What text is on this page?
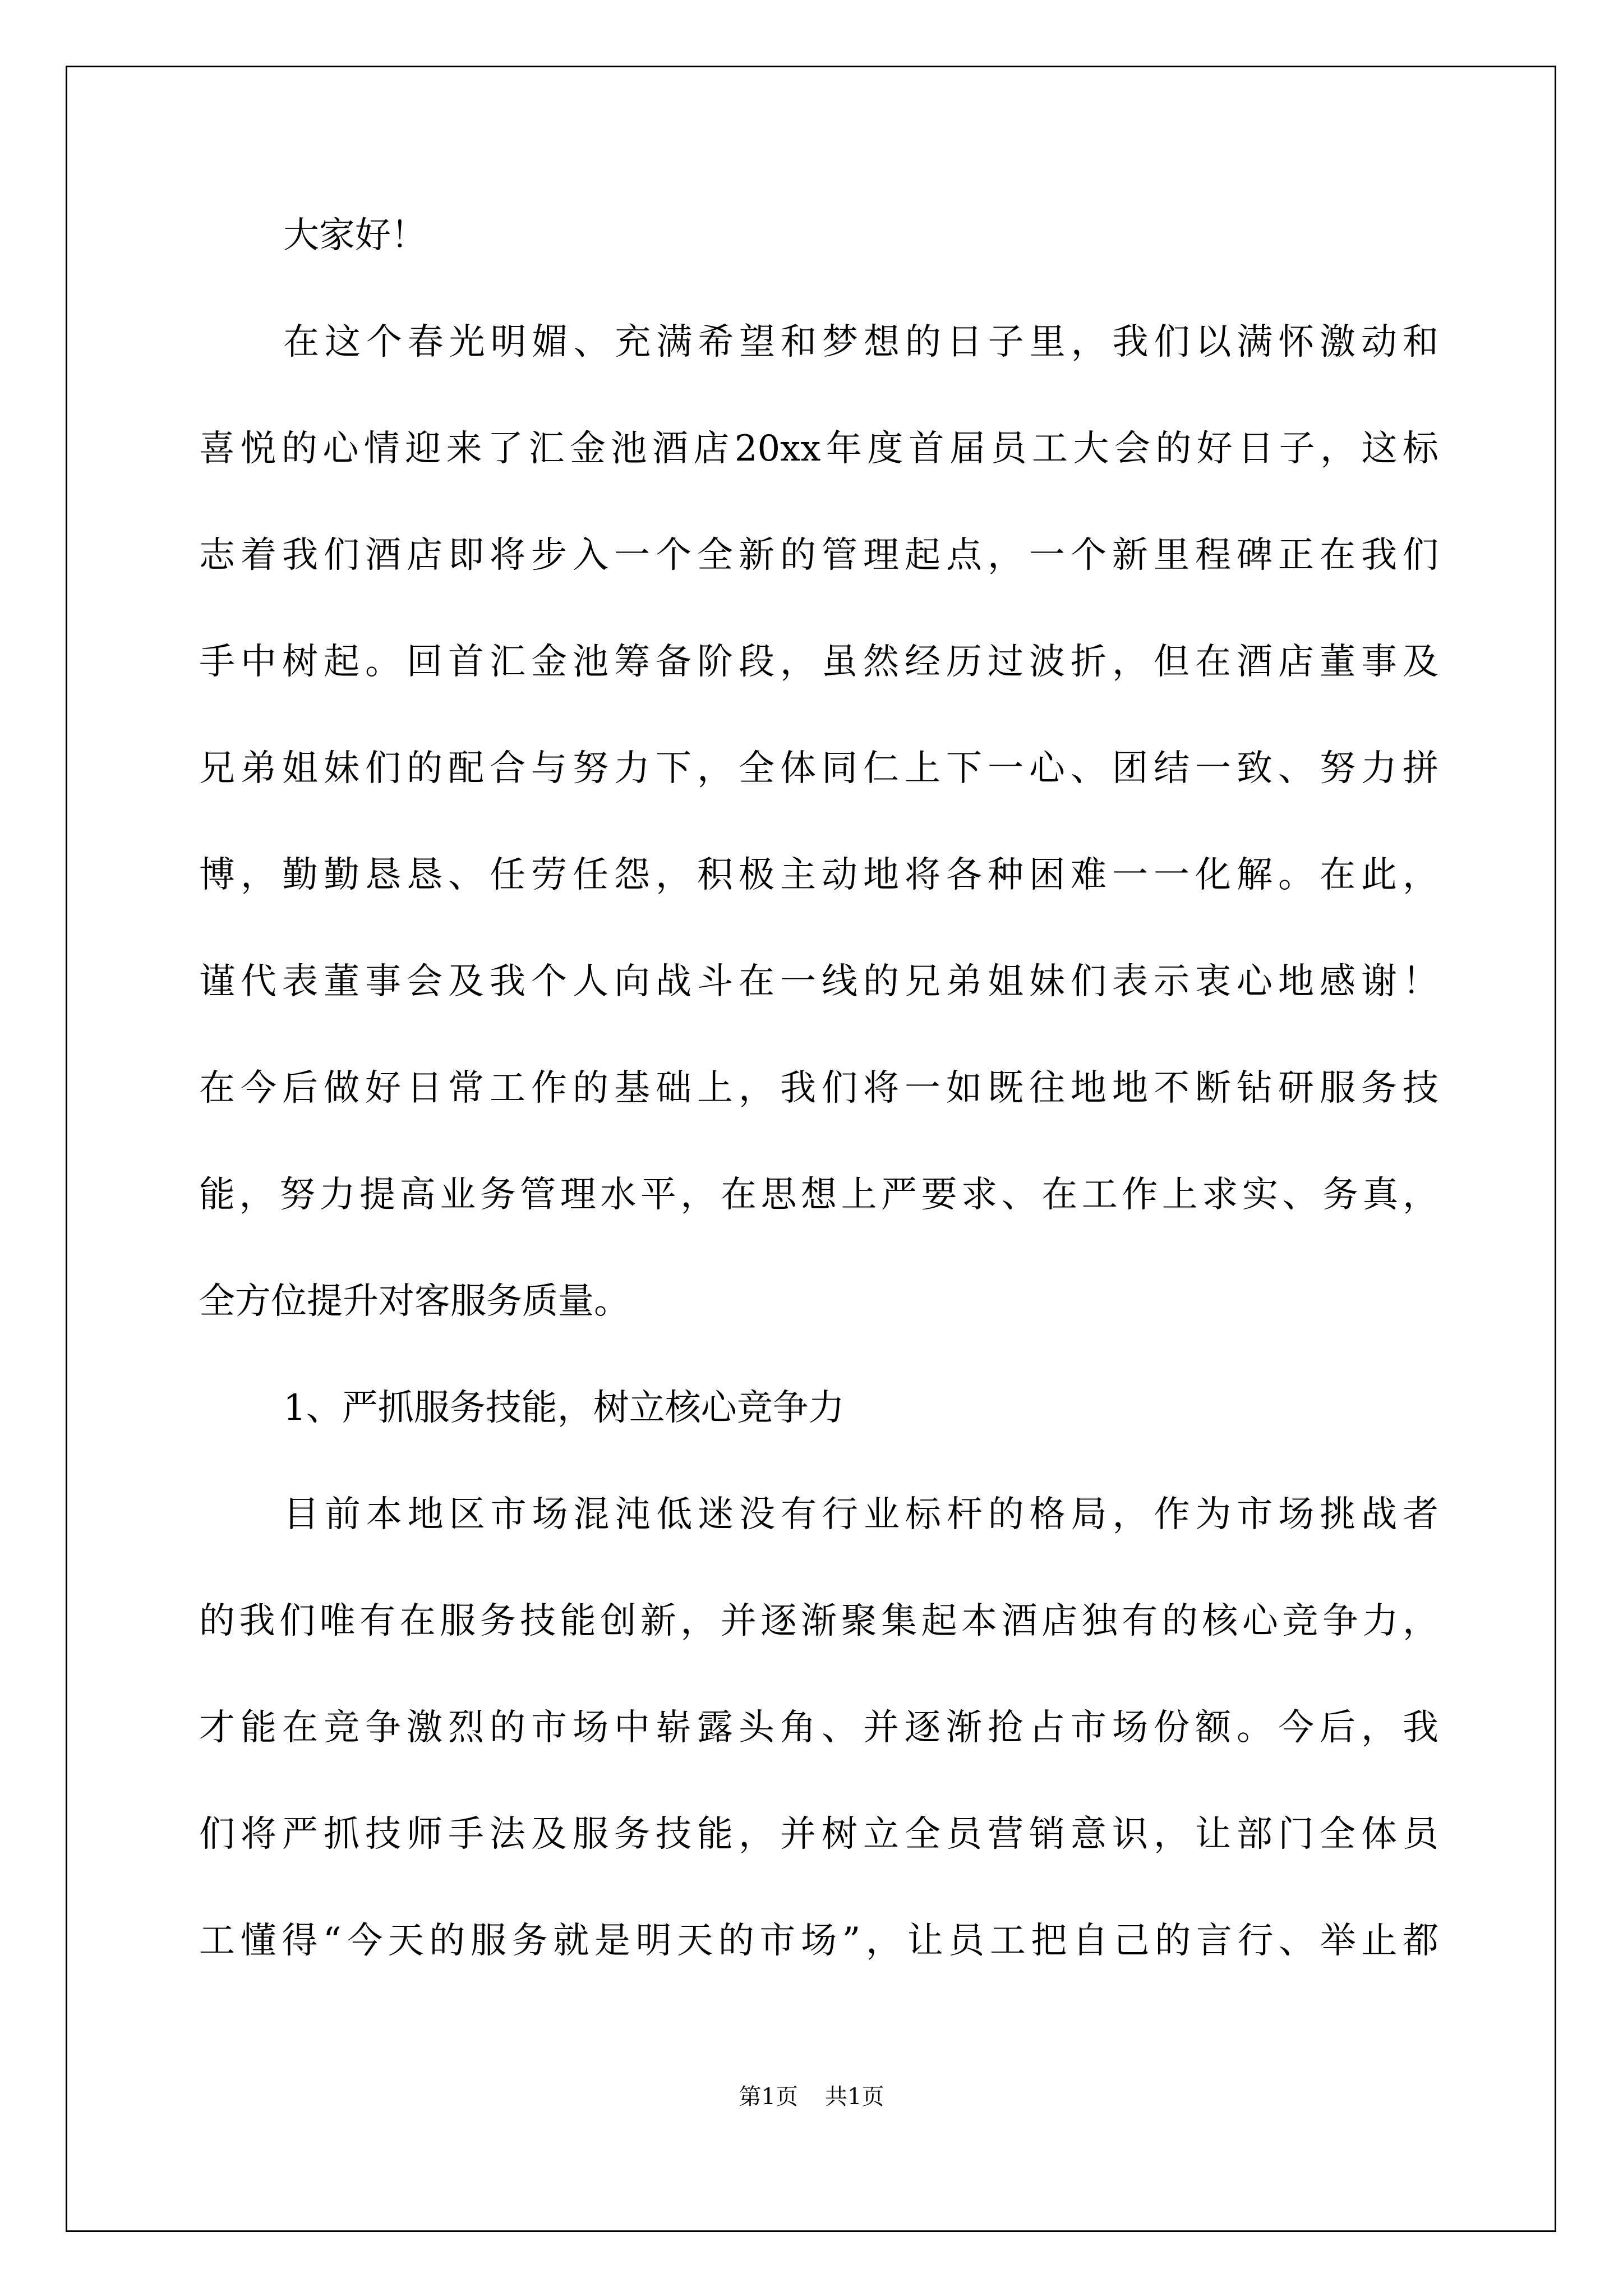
大家好！
在这个春光明媚、充满希望和梦想的日子里，我们以满怀激动和
喜悦的心情迎来了汇金池酒店20xx年度首届员工大会的好日子，这标
志着我们酒店即将步入一个全新的管理起点，一个新里程碑正在我们
手中树起。回首汇金池筹备阶段，虽然经历过波折，但在酒店董事及
兄弟姐妹们的配合与努力下，全体同仁上下一心、团结一致、努力拼
博，勤勤恳恳、任劳任怨，积极主动地将各种困难一一化解。在此，
谨代表董事会及我个人向战斗在一线的兄弟姐妹们表示衷心地感谢！
在今后做好日常工作的基础上，我们将一如既往地地不断钻研服务技
能，努力提高业务管理水平，在思想上严要求、在工作上求实、务真，
全方位提升对客服务质量。
1、严抓服务技能，树立核心竞争力
目前本地区市场混沌低迷没有行业标杆的格局，作为市场挑战者
的我们唯有在服务技能创新，并逐渐聚集起本酒店独有的核心竞争力，
才能在竞争激烈的市场中崭露头角、并逐渐抢占市场份额。今后，我
们将严抓技师手法及服务技能，并树立全员营销意识，让部门全体员
工懂得“今天的服务就是明天的市场”，让员工把自己的言行、举止都
第1页 共1页
